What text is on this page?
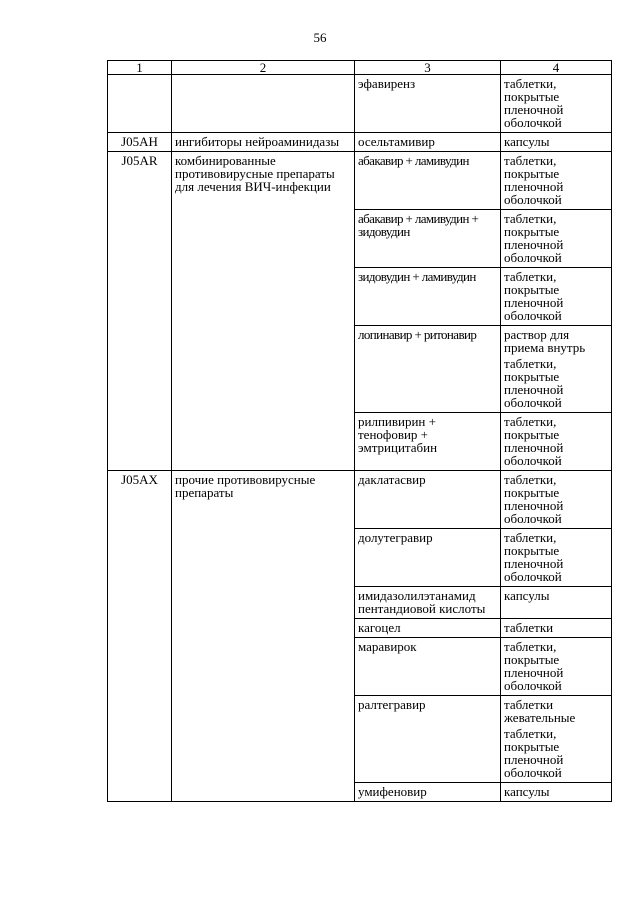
56
1	2	3	4
		эфавиренз	таблетки, покрытые пленочной оболочкой

J05AH	ингибиторы нейроаминидазы	осельтамивир	капсулы

J05AR	комбинированные противовирусные препараты для лечения ВИЧ-инфекции	абакавир + ламивудин	таблетки, покрытые пленочной оболочкой

		абакавир + ламивудин + зидовудин	таблетки, покрытые пленочной оболочкой

		зидовудин + ламивудин	таблетки, покрытые пленочной оболочкой

		лопинавир + ритонавир	раствор для приема внутрь
таблетки, покрытые пленочной оболочкой

		рилпивирин + тенофовир + эмтрицитабин	таблетки, покрытые пленочной оболочкой

J05AX	прочие противовирусные препараты	даклатасвир	таблетки, покрытые пленочной оболочкой

		долутегравир	таблетки, покрытые пленочной оболочкой

		имидазолилэтанамид пентандиовой кислоты	капсулы

		кагоцел	таблетки

		маравирок	таблетки, покрытые пленочной оболочкой

		ралтегравир	таблетки жевательные
таблетки, покрытые пленочной оболочкой

		умифеновир	капсулы
